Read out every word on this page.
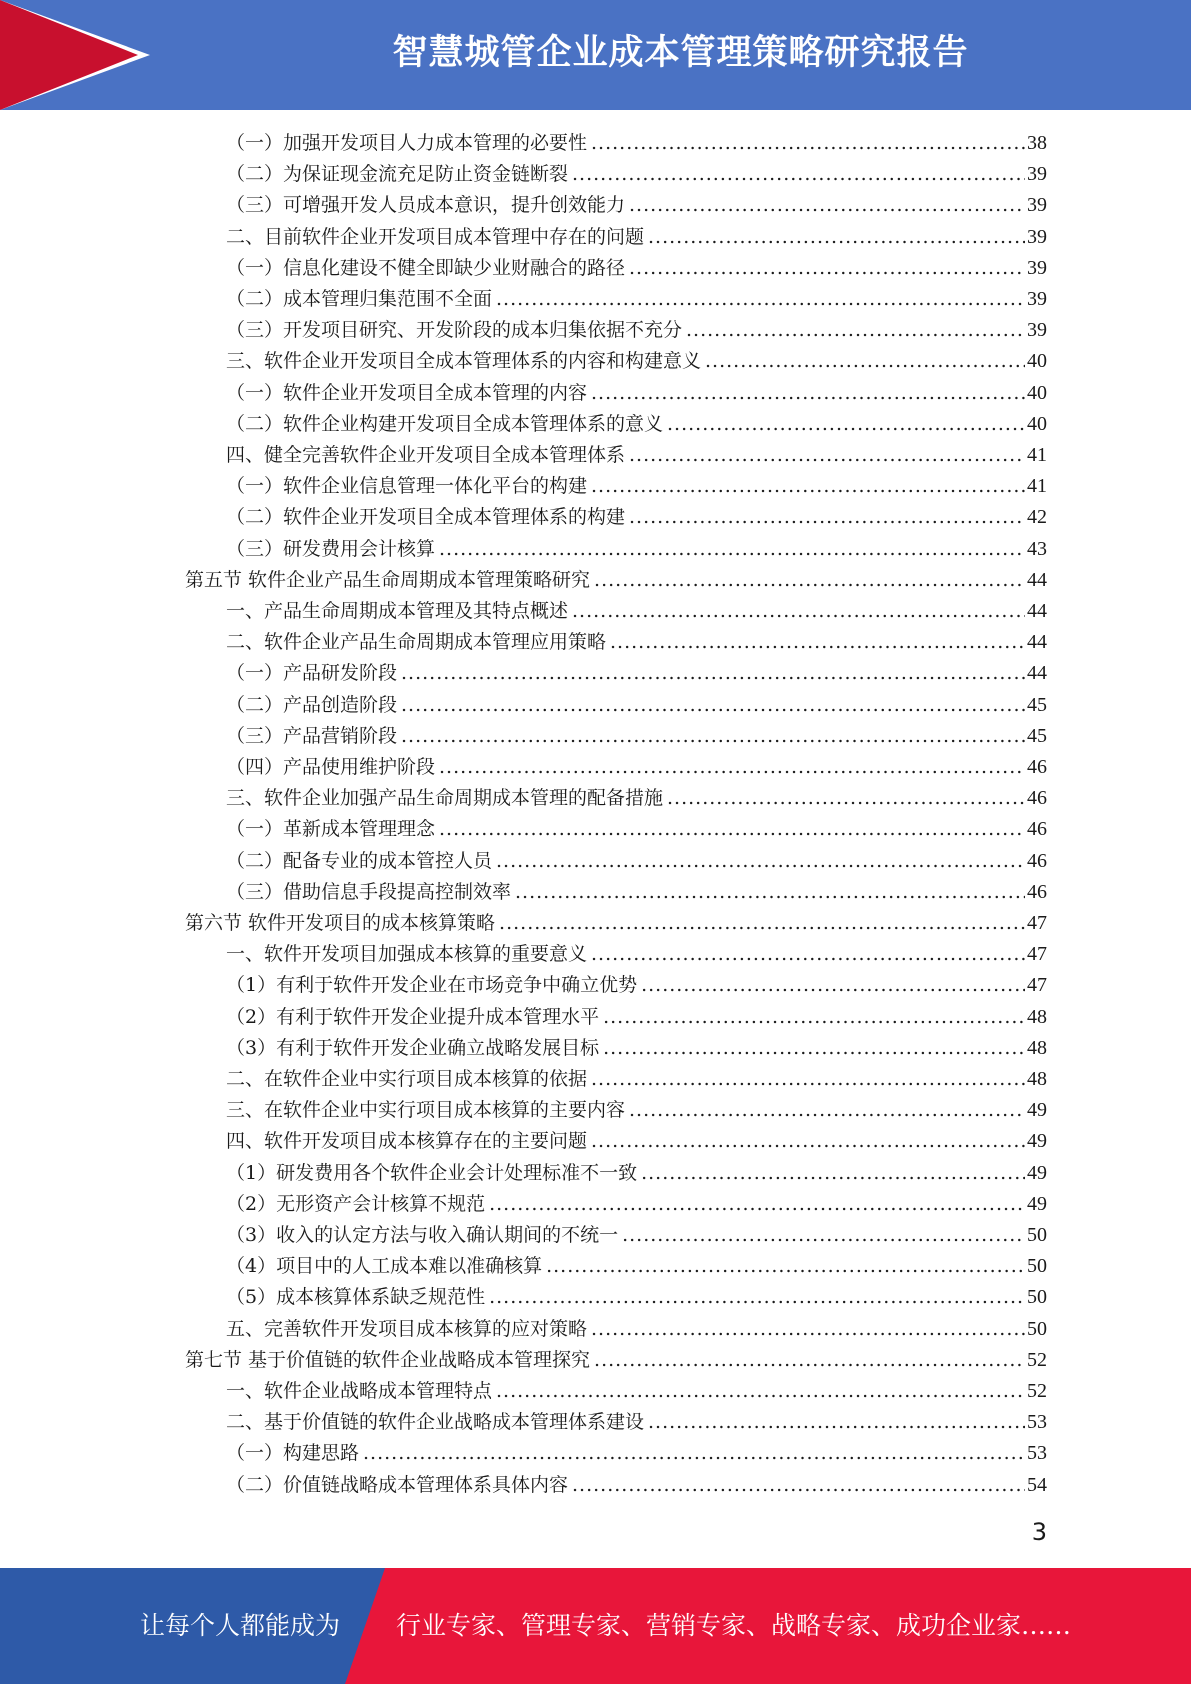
智慧城管企业成本管理策略研究报告
（一）加强开发项目人力成本管理的必要性 .....	38
（二）为保证现金流充足防止资金链断裂 .....	39
（三）可增强开发人员成本意识，提升创效能力 .....	39
二、目前软件企业开发项目成本管理中存在的问题 .....	39
（一）信息化建设不健全即缺少业财融合的路径 .....	39
（二）成本管理归集范围不全面 .....	39
（三）开发项目研究、开发阶段的成本归集依据不充分 .....	39
三、软件企业开发项目全成本管理体系的内容和构建意义 .....	40
（一）软件企业开发项目全成本管理的内容 .....	40
（二）软件企业构建开发项目全成本管理体系的意义 .....	40
四、健全完善软件企业开发项目全成本管理体系 .....	41
（一）软件企业信息管理一体化平台的构建 .....	41
（二）软件企业开发项目全成本管理体系的构建 .....	42
（三）研发费用会计核算 .....	43
第五节 软件企业产品生命周期成本管理策略研究 .....	44
一、产品生命周期成本管理及其特点概述 .....	44
二、软件企业产品生命周期成本管理应用策略 .....	44
（一）产品研发阶段 .....	44
（二）产品创造阶段 .....	45
（三）产品营销阶段 .....	45
（四）产品使用维护阶段 .....	46
三、软件企业加强产品生命周期成本管理的配备措施 .....	46
（一）革新成本管理理念 .....	46
（二）配备专业的成本管控人员 .....	46
（三）借助信息手段提高控制效率 .....	46
第六节 软件开发项目的成本核算策略 .....	47
一、软件开发项目加强成本核算的重要意义 .....	47
（1）有利于软件开发企业在市场竞争中确立优势 .....	47
（2）有利于软件开发企业提升成本管理水平 .....	48
（3）有利于软件开发企业确立战略发展目标 .....	48
二、在软件企业中实行项目成本核算的依据 .....	48
三、在软件企业中实行项目成本核算的主要内容 .....	49
四、软件开发项目成本核算存在的主要问题 .....	49
（1）研发费用各个软件企业会计处理标准不一致 .....	49
（2）无形资产会计核算不规范 .....	49
（3）收入的认定方法与收入确认期间的不统一 .....	50
（4）项目中的人工成本难以准确核算 .....	50
（5）成本核算体系缺乏规范性 .....	50
五、完善软件开发项目成本核算的应对策略 .....	50
第七节 基于价值链的软件企业战略成本管理探究 .....	52
一、软件企业战略成本管理特点 .....	52
二、基于价值链的软件企业战略成本管理体系建设 .....	53
（一）构建思路 .....	53
（二）价值链战略成本管理体系具体内容 .....	54
3
让每个人都能成为 行业专家、管理专家、营销专家、战略专家、成功企业家……
